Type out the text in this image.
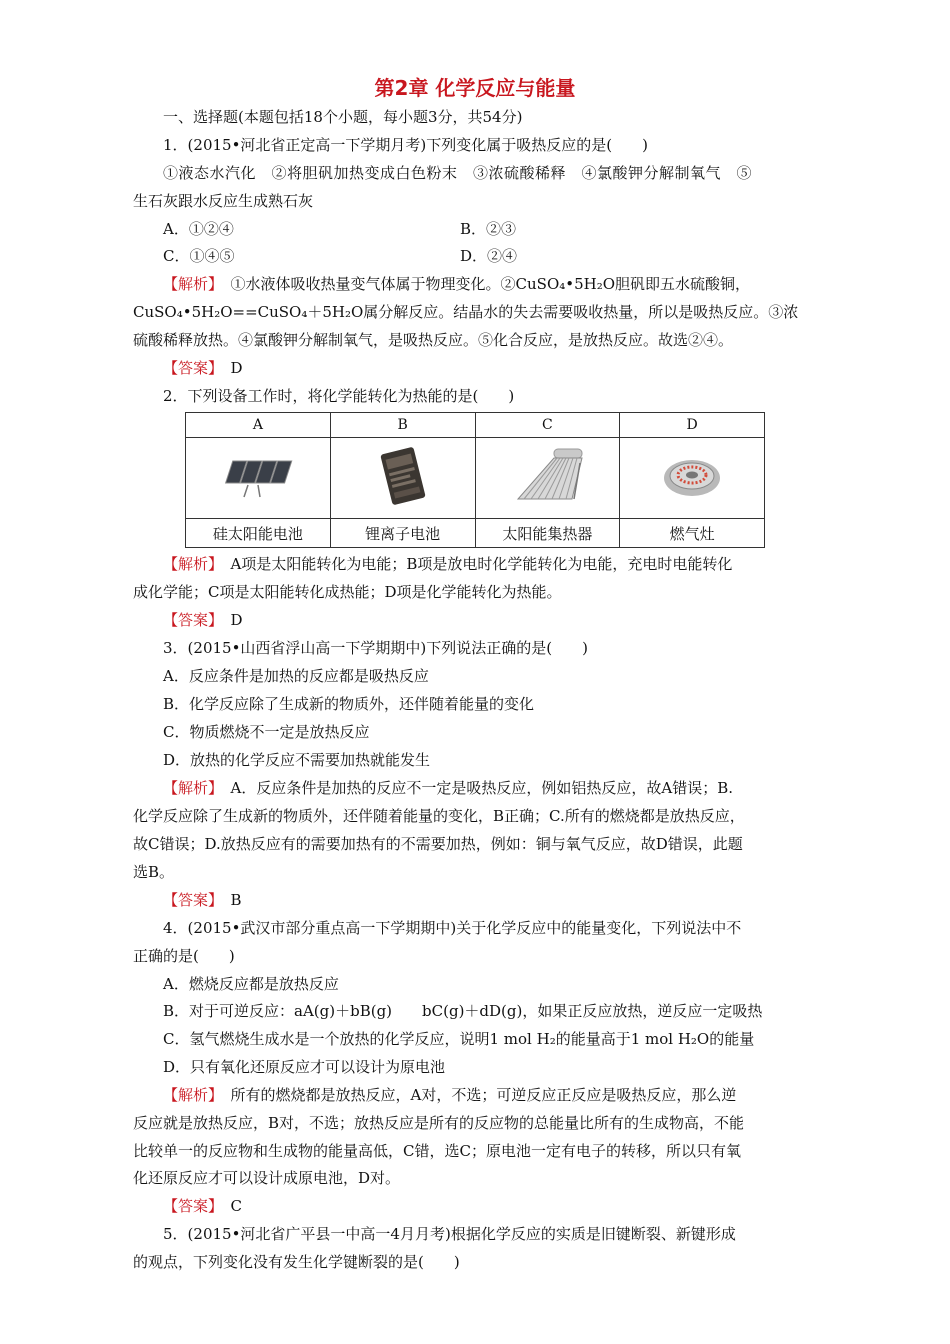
第2章 化学反应与能量
一、选择题(本题包括18个小题，每小题3分，共54分)
1．(2015•河北省正定高一下学期月考)下列变化属于吸热反应的是(　　)
①液态水汽化　②将胆矾加热变成白色粉末　③浓硫酸稀释　④氯酸钾分解制氧气　⑤
生石灰跟水反应生成熟石灰
A．①②④	B．②③
C．①④⑤	D．②④
【解析】　 ①水液体吸收热量变气体属于物理变化。②CuSO₄•5H₂O胆矾即五水硫酸铜，
CuSO₄•5H₂O==CuSO₄＋5H₂O属分解反应。结晶水的失去需要吸收热量，所以是吸热反应。③浓
硫酸稀释放热。④氯酸钾分解制氧气，是吸热反应。⑤化合反应，是放热反应。故选②④。
【答案】　 D
2．下列设备工作时，将化学能转化为热能的是(　　)
A	B	C	D

硅太阳能电池	锂离子电池	太阳能集热器	燃气灶
【解析】　 A项是太阳能转化为电能；B项是放电时化学能转化为电能，充电时电能转化
成化学能；C项是太阳能转化成热能；D项是化学能转化为热能。
【答案】　 D
3．(2015•山西省浮山高一下学期期中)下列说法正确的是(　　)
A．反应条件是加热的反应都是吸热反应
B．化学反应除了生成新的物质外，还伴随着能量的变化
C．物质燃烧不一定是放热反应
D．放热的化学反应不需要加热就能发生
【解析】　 A．反应条件是加热的反应不一定是吸热反应，例如铝热反应，故A错误；B.
化学反应除了生成新的物质外，还伴随着能量的变化，B正确；C.所有的燃烧都是放热反应，
故C错误；D.放热反应有的需要加热有的不需要加热，例如：铜与氧气反应，故D错误，此题
选B。
【答案】　 B
4．(2015•武汉市部分重点高一下学期期中)关于化学反应中的能量变化，下列说法中不
正确的是(　　)
A．燃烧反应都是放热反应
B．对于可逆反应：aA(g)＋bB(g)　　bC(g)＋dD(g)，如果正反应放热，逆反应一定吸热
C．氢气燃烧生成水是一个放热的化学反应，说明1 mol H₂的能量高于1 mol H₂O的能量
D．只有氧化还原反应才可以设计为原电池
【解析】　 所有的燃烧都是放热反应，A对，不选；可逆反应正反应是吸热反应，那么逆
反应就是放热反应，B对，不选；放热反应是所有的反应物的总能量比所有的生成物高，不能
比较单一的反应物和生成物的能量高低，C错，选C；原电池一定有电子的转移，所以只有氧
化还原反应才可以设计成原电池，D对。
【答案】　 C
5．(2015•河北省广平县一中高一4月月考)根据化学反应的实质是旧键断裂、新键形成
的观点，下列变化没有发生化学键断裂的是(　　)
